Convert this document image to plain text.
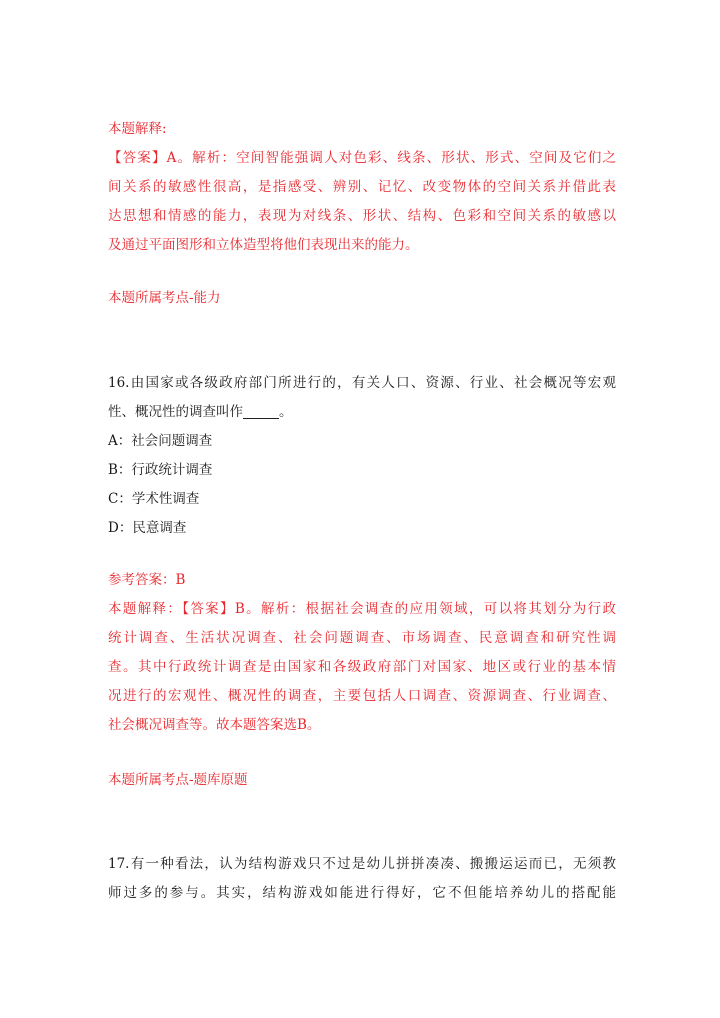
本题解释:
【答案】A。解析：空间智能强调人对色彩、线条、形状、形式、空间及它们之
间关系的敏感性很高，是指感受、辨别、记忆、改变物体的空间关系并借此表
达思想和情感的能力，表现为对线条、形状、结构、色彩和空间关系的敏感以
及通过平面图形和立体造型将他们表现出来的能力。
本题所属考点-能力
16.由国家或各级政府部门所进行的，有关人口、资源、行业、社会概况等宏观
性、概况性的调查叫作	。
A：社会问题调查
B：行政统计调查
C：学术性调查
D：民意调查
参考答案：B
本题解释：【答案】B。解析：根据社会调查的应用领域，可以将其划分为行政
统计调查、生活状况调查、社会问题调查、市场调查、民意调查和研究性调
查。其中行政统计调查是由国家和各级政府部门对国家、地区或行业的基本情
况进行的宏观性、概况性的调查，主要包括人口调查、资源调查、行业调查、
社会概况调查等。故本题答案选B。
本题所属考点-题库原题
17.有一种看法，认为结构游戏只不过是幼儿拼拼凑凑、搬搬运运而已，无须教
师过多的参与。其实，结构游戏如能进行得好，它不但能培养幼儿的搭配能
